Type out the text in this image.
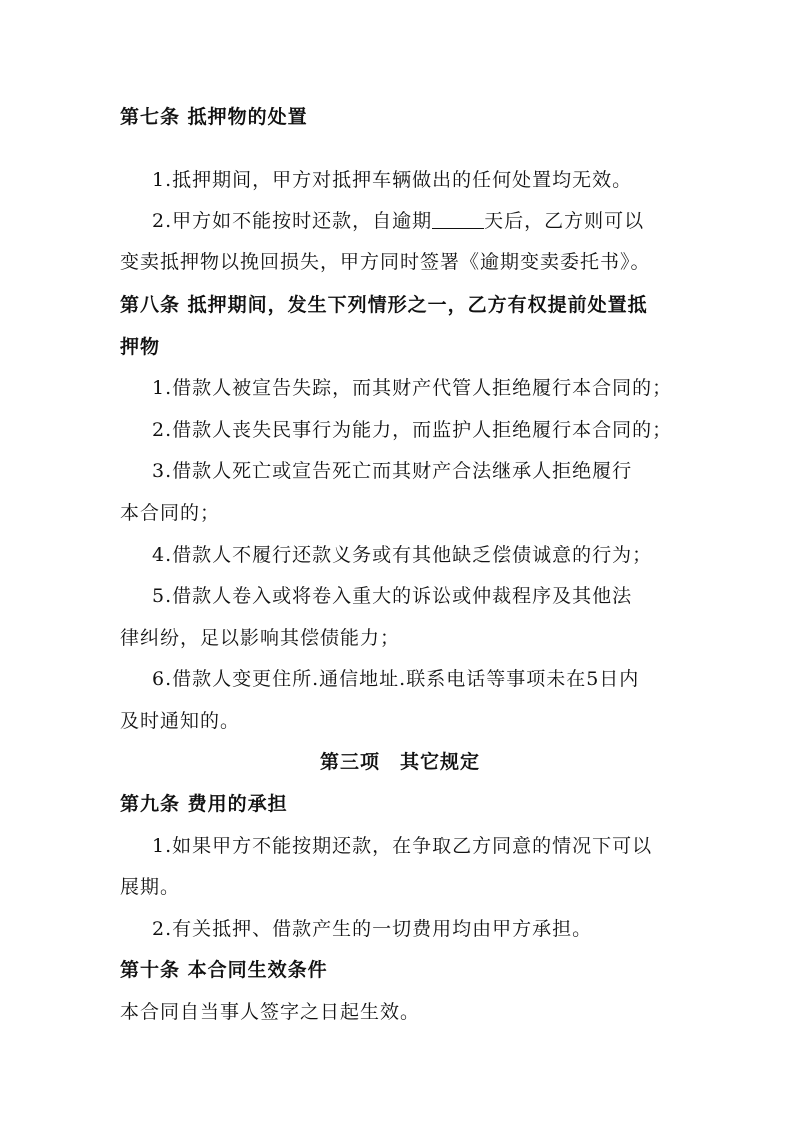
第七条 抵押物的处置
1.抵押期间，甲方对抵押车辆做出的任何处置均无效。
2.甲方如不能按时还款，自逾期	天后，乙方则可以
变卖抵押物以挽回损失，甲方同时签署《逾期变卖委托书》。
第八条 抵押期间，发生下列情形之一，乙方有权提前处置抵
押物
1.借款人被宣告失踪，而其财产代管人拒绝履行本合同的；
2.借款人丧失民事行为能力，而监护人拒绝履行本合同的；
3.借款人死亡或宣告死亡而其财产合法继承人拒绝履行
本合同的；
4.借款人不履行还款义务或有其他缺乏偿债诚意的行为；
5.借款人卷入或将卷入重大的诉讼或仲裁程序及其他法
律纠纷，足以影响其偿债能力；
6.借款人变更住所.通信地址.联系电话等事项未在5日内
及时通知的。
第三项　其它规定
第九条 费用的承担
1.如果甲方不能按期还款，在争取乙方同意的情况下可以
展期。
2.有关抵押、借款产生的一切费用均由甲方承担。
第十条 本合同生效条件
本合同自当事人签字之日起生效。
